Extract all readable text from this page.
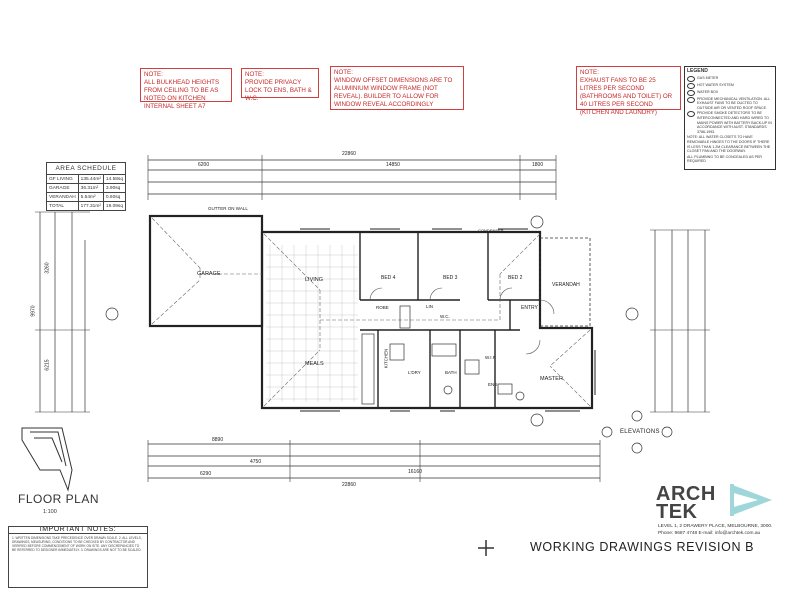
NOTE:
ALL BULKHEAD HEIGHTS FROM CEILING TO BE AS NOTED ON KITCHEN INTERNAL SHEET A7
NOTE:
PROVIDE PRIVACY LOCK TO ENS, BATH & W.C.
NOTE:
WINDOW OFFSET DIMENSIONS ARE TO ALUMINIUM WINDOW FRAME (NOT REVEAL). BUILDER TO ALLOW FOR WINDOW REVEAL ACCORDINGLY
NOTE:
EXHAUST FANS TO BE 25 LITRES PER SECOND (BATHROOMS AND TOILET) OR 40 LITRES PER SECOND (KITCHEN AND LAUNDRY)
LEGEND
GAS METER
HOT WATER SYSTEM
WATER BOX
PROVIDE MECHANICAL VENTILATION. ALL EXHAUST FANS TO BE DUCTED TO OUTSIDE AIR OR VENTED ROOF SPACE.
PROVIDE SMOKE DETECTORS TO BE INTERCONNECTED AND HARD WIRED TO MAINS POWER WITH BATTERY BACK-UP IN ACCORDANCE WITH AUST. STANDARDS 3786-1993.
NOTE: ALL WATER CLOSETS TO HAVE REMOVABLE HINGES TO THE DOORS IF THERE IS LESS THAN 1.2M CLEARANCE BETWEEN THE CLOSET PAN AND THE DOORWAY.
ALL PLUMBING TO BE CONCEALED AS PER REQUIRED
AREA SCHEDULE		
GF LIVING	135.44m²	14.58sq
GARAGE	36.31m²	3.90sq
VERANDAH	5.54m²	0.60sq
TOTAL	177.31m²	19.09sq
GARAGE
LIVING
MEALS	KITCHEN
BED 4	BED 3	BED 2
ROBE	LIN
W.C.
L'DRY	BATH
W.I.R
ENS
ENTRY
VERANDAH
MASTER
22860
6200	14850	1800
8890
4750
16160
6290
22860
9970
6215
3260
GUTTER ON WALL
CONDENSER
ELEVATIONS
FLOOR PLAN
1:100
WORKING DRAWINGS REVISION B
IMPORTANT NOTES:
1. WRITTEN DIMENSIONS TAKE PRECEDENCE OVER DRAWN SCALE. 2. ALL LEVELS, DRAWINGS, MEASURING, CONDITIONS TO BE CHECKED BY CONTRACTOR AND VERIFIED BEFORE COMMENCEMENT OF WORK ON SITE. ANY DISCREPANCIES TO BE REFERRED TO DESIGNER IMMEDIATELY. 3. DRAWINGS ARE NOT TO BE SCALED.
ARCH
TEK
LEVEL 1, 2 DRAWERY PLACE, MELBOURNE, 3000.
Phone: 9687 4748 E-mail: info@archtek.com.au
